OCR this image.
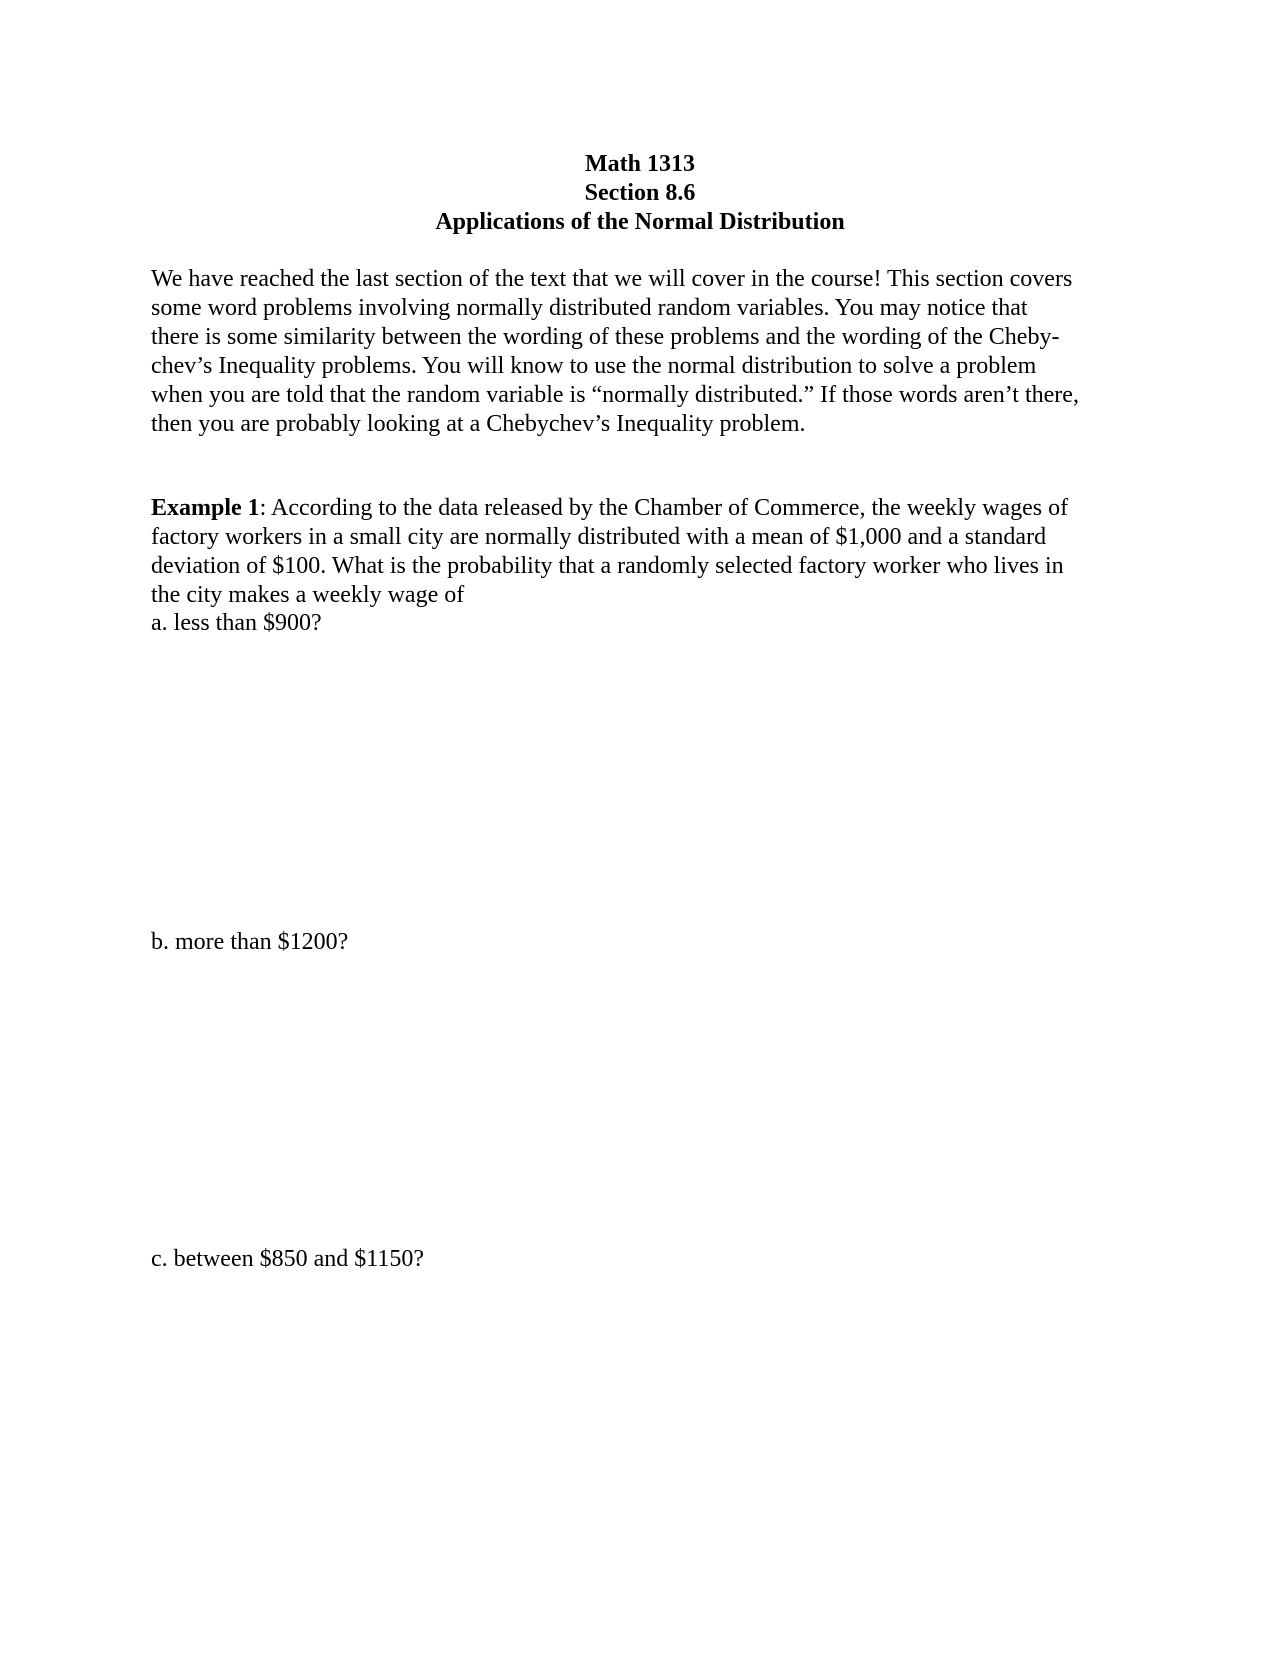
Math 1313
Section 8.6
Applications of the Normal Distribution
We have reached the last section of the text that we will cover in the course! This section covers
some word problems involving normally distributed random variables. You may notice that
there is some similarity between the wording of these problems and the wording of the Cheby-
chev’s Inequality problems. You will know to use the normal distribution to solve a problem
when you are told that the random variable is “normally distributed.” If those words aren’t there,
then you are probably looking at a Chebychev’s Inequality problem.
Example 1: According to the data released by the Chamber of Commerce, the weekly wages of
factory workers in a small city are normally distributed with a mean of $1,000 and a standard
deviation of $100. What is the probability that a randomly selected factory worker who lives in
the city makes a weekly wage of
a. less than $900?
b. more than $1200?
c. between $850 and $1150?
